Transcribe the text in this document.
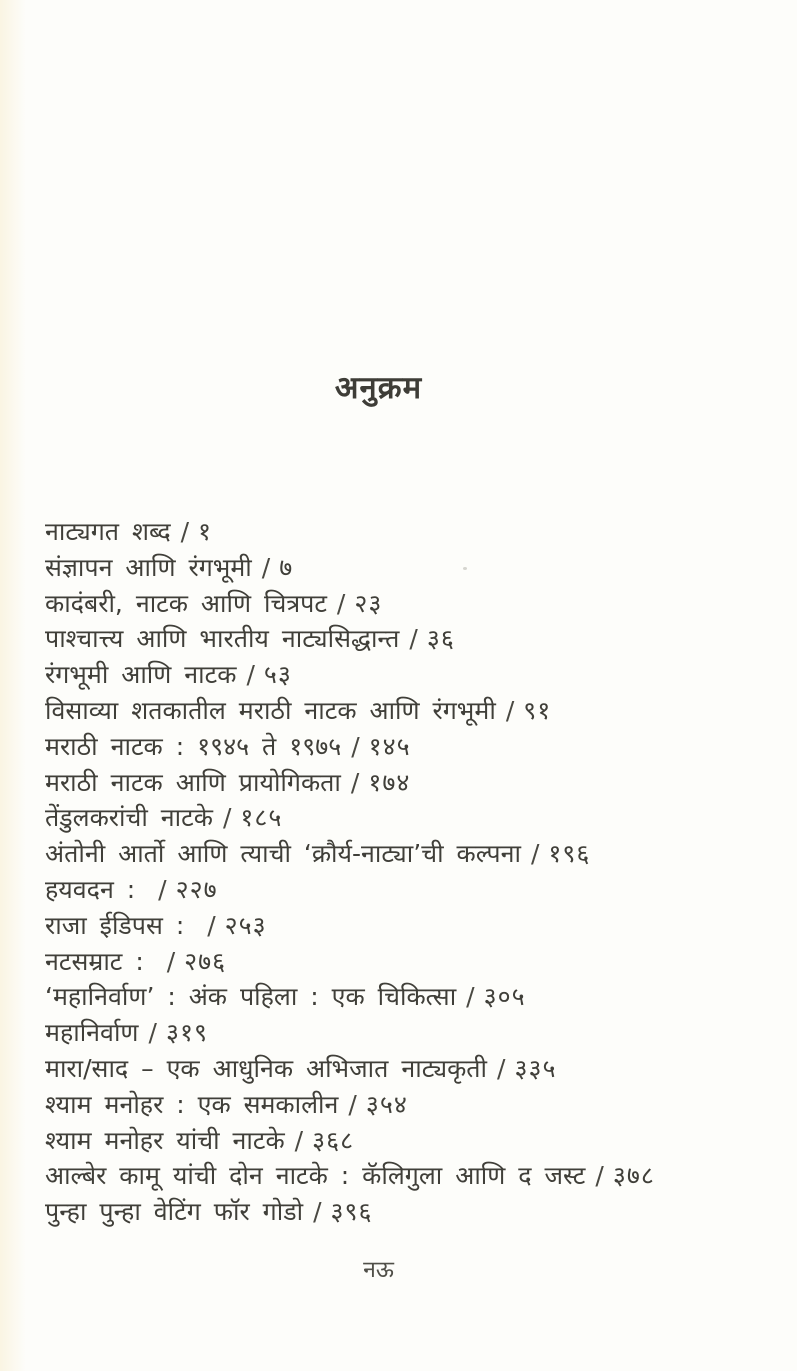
अनुक्रम
नाट्यगत शब्द / १
संज्ञापन आणि रंगभूमी / ७
कादंबरी, नाटक आणि चित्रपट / २३
पाश्चात्त्य आणि भारतीय नाट्यसिद्धान्त / ३६
रंगभूमी आणि नाटक / ५३
विसाव्या शतकातील मराठी नाटक आणि रंगभूमी / ९१
मराठी नाटक : १९४५ ते १९७५ / १४५
मराठी नाटक आणि प्रायोगिकता / १७४
तेंडुलकरांची नाटके / १८५
अंतोनी आर्तो आणि त्याची ‘क्रौर्य-नाट्या’ची कल्पना / १९६
हयवदन : / २२७
राजा ईडिपस : / २५३
नटसम्राट : / २७६
‘महानिर्वाण’ : अंक पहिला : एक चिकित्सा / ३०५
महानिर्वाण / ३१९
मारा/साद – एक आधुनिक अभिजात नाट्यकृती / ३३५
श्याम मनोहर : एक समकालीन / ३५४
श्याम मनोहर यांची नाटके / ३६८
आल्बेर कामू यांची दोन नाटके : कॅलिगुला आणि द जस्ट / ३७८
पुन्हा पुन्हा वेटिंग फॉर गोडो / ३९६
नऊ
